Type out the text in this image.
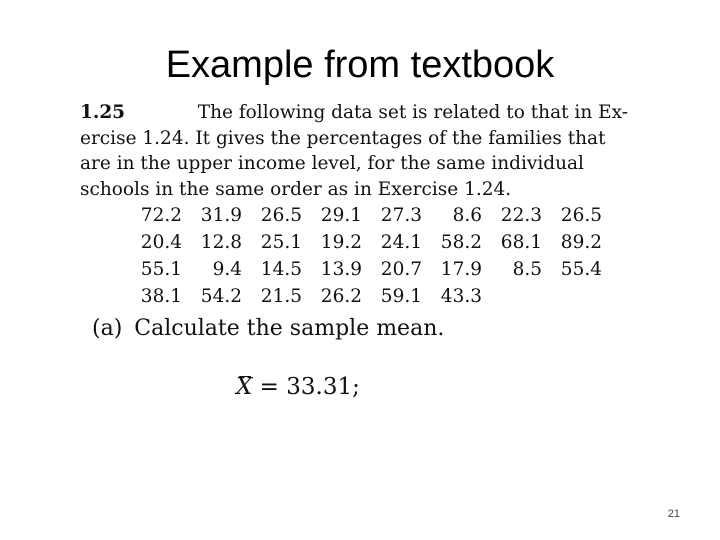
Example from textbook
1.25	The following data set is related to that in Ex-
ercise 1.24. It gives the percentages of the families that
are in the upper income level, for the same individual
schools in the same order as in Exercise 1.24.
72.2	31.9	26.5	29.1	27.3	8.6	22.3	26.5
20.4	12.8	25.1	19.2	24.1	58.2	68.1	89.2
55.1	9.4	14.5	13.9	20.7	17.9	8.5	55.4
38.1	54.2	21.5	26.2	59.1	43.3		
(a) Calculate the sample mean.
X = 33.31;
21
